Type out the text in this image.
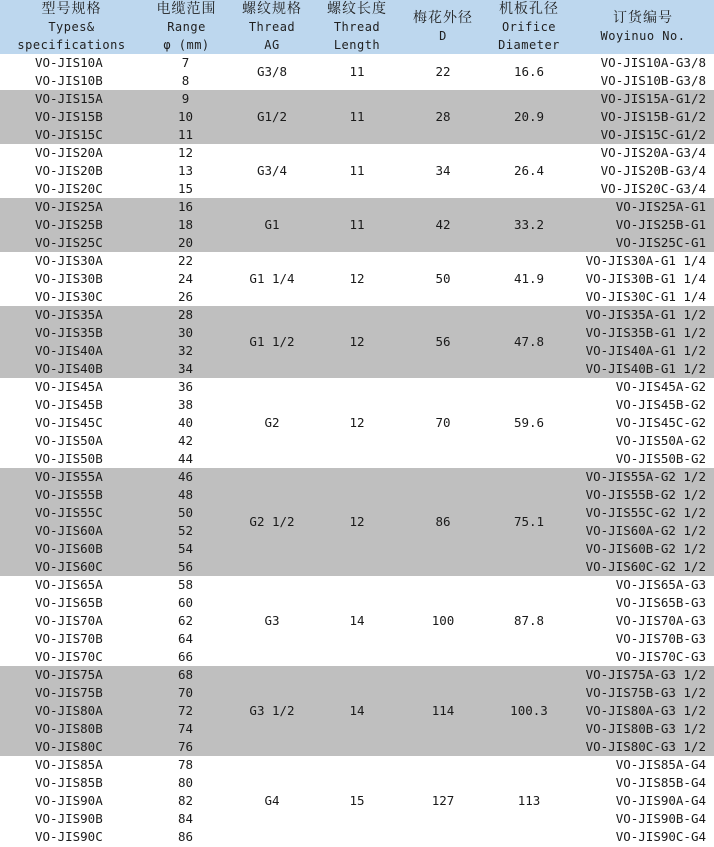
型号规格
Types&
specifications	电缆范围
Range
φ (mm)	螺纹规格
Thread
AG	螺纹长度
Thread
Length	梅花外径
D	机板孔径
Orifice
Diameter	订货编号
Woyinuo No.

VO-JIS10A	7	G3/8	11	22	16.6	VO-JIS10A-G3/8
VO-JIS10B	8					VO-JIS10B-G3/8
VO-JIS15A	9	G1/2	11	28	20.9	VO-JIS15A-G1/2
VO-JIS15B	10					VO-JIS15B-G1/2
VO-JIS15C	11					VO-JIS15C-G1/2
VO-JIS20A	12	G3/4	11	34	26.4	VO-JIS20A-G3/4
VO-JIS20B	13					VO-JIS20B-G3/4
VO-JIS20C	15					VO-JIS20C-G3/4
VO-JIS25A	16	G1	11	42	33.2	VO-JIS25A-G1
VO-JIS25B	18					VO-JIS25B-G1
VO-JIS25C	20					VO-JIS25C-G1
VO-JIS30A	22	G1 1/4	12	50	41.9	VO-JIS30A-G1 1/4
VO-JIS30B	24					VO-JIS30B-G1 1/4
VO-JIS30C	26					VO-JIS30C-G1 1/4
VO-JIS35A	28	G1 1/2	12	56	47.8	VO-JIS35A-G1 1/2
VO-JIS35B	30					VO-JIS35B-G1 1/2
VO-JIS40A	32					VO-JIS40A-G1 1/2
VO-JIS40B	34					VO-JIS40B-G1 1/2
VO-JIS45A	36	G2	12	70	59.6	VO-JIS45A-G2
VO-JIS45B	38					VO-JIS45B-G2
VO-JIS45C	40					VO-JIS45C-G2
VO-JIS50A	42					VO-JIS50A-G2
VO-JIS50B	44					VO-JIS50B-G2
VO-JIS55A	46	G2 1/2	12	86	75.1	VO-JIS55A-G2 1/2
VO-JIS55B	48					VO-JIS55B-G2 1/2
VO-JIS55C	50					VO-JIS55C-G2 1/2
VO-JIS60A	52					VO-JIS60A-G2 1/2
VO-JIS60B	54					VO-JIS60B-G2 1/2
VO-JIS60C	56					VO-JIS60C-G2 1/2
VO-JIS65A	58	G3	14	100	87.8	VO-JIS65A-G3
VO-JIS65B	60					VO-JIS65B-G3
VO-JIS70A	62					VO-JIS70A-G3
VO-JIS70B	64					VO-JIS70B-G3
VO-JIS70C	66					VO-JIS70C-G3
VO-JIS75A	68	G3 1/2	14	114	100.3	VO-JIS75A-G3 1/2
VO-JIS75B	70					VO-JIS75B-G3 1/2
VO-JIS80A	72					VO-JIS80A-G3 1/2
VO-JIS80B	74					VO-JIS80B-G3 1/2
VO-JIS80C	76					VO-JIS80C-G3 1/2
VO-JIS85A	78	G4	15	127	113	VO-JIS85A-G4
VO-JIS85B	80					VO-JIS85B-G4
VO-JIS90A	82					VO-JIS90A-G4
VO-JIS90B	84					VO-JIS90B-G4
VO-JIS90C	86					VO-JIS90C-G4
